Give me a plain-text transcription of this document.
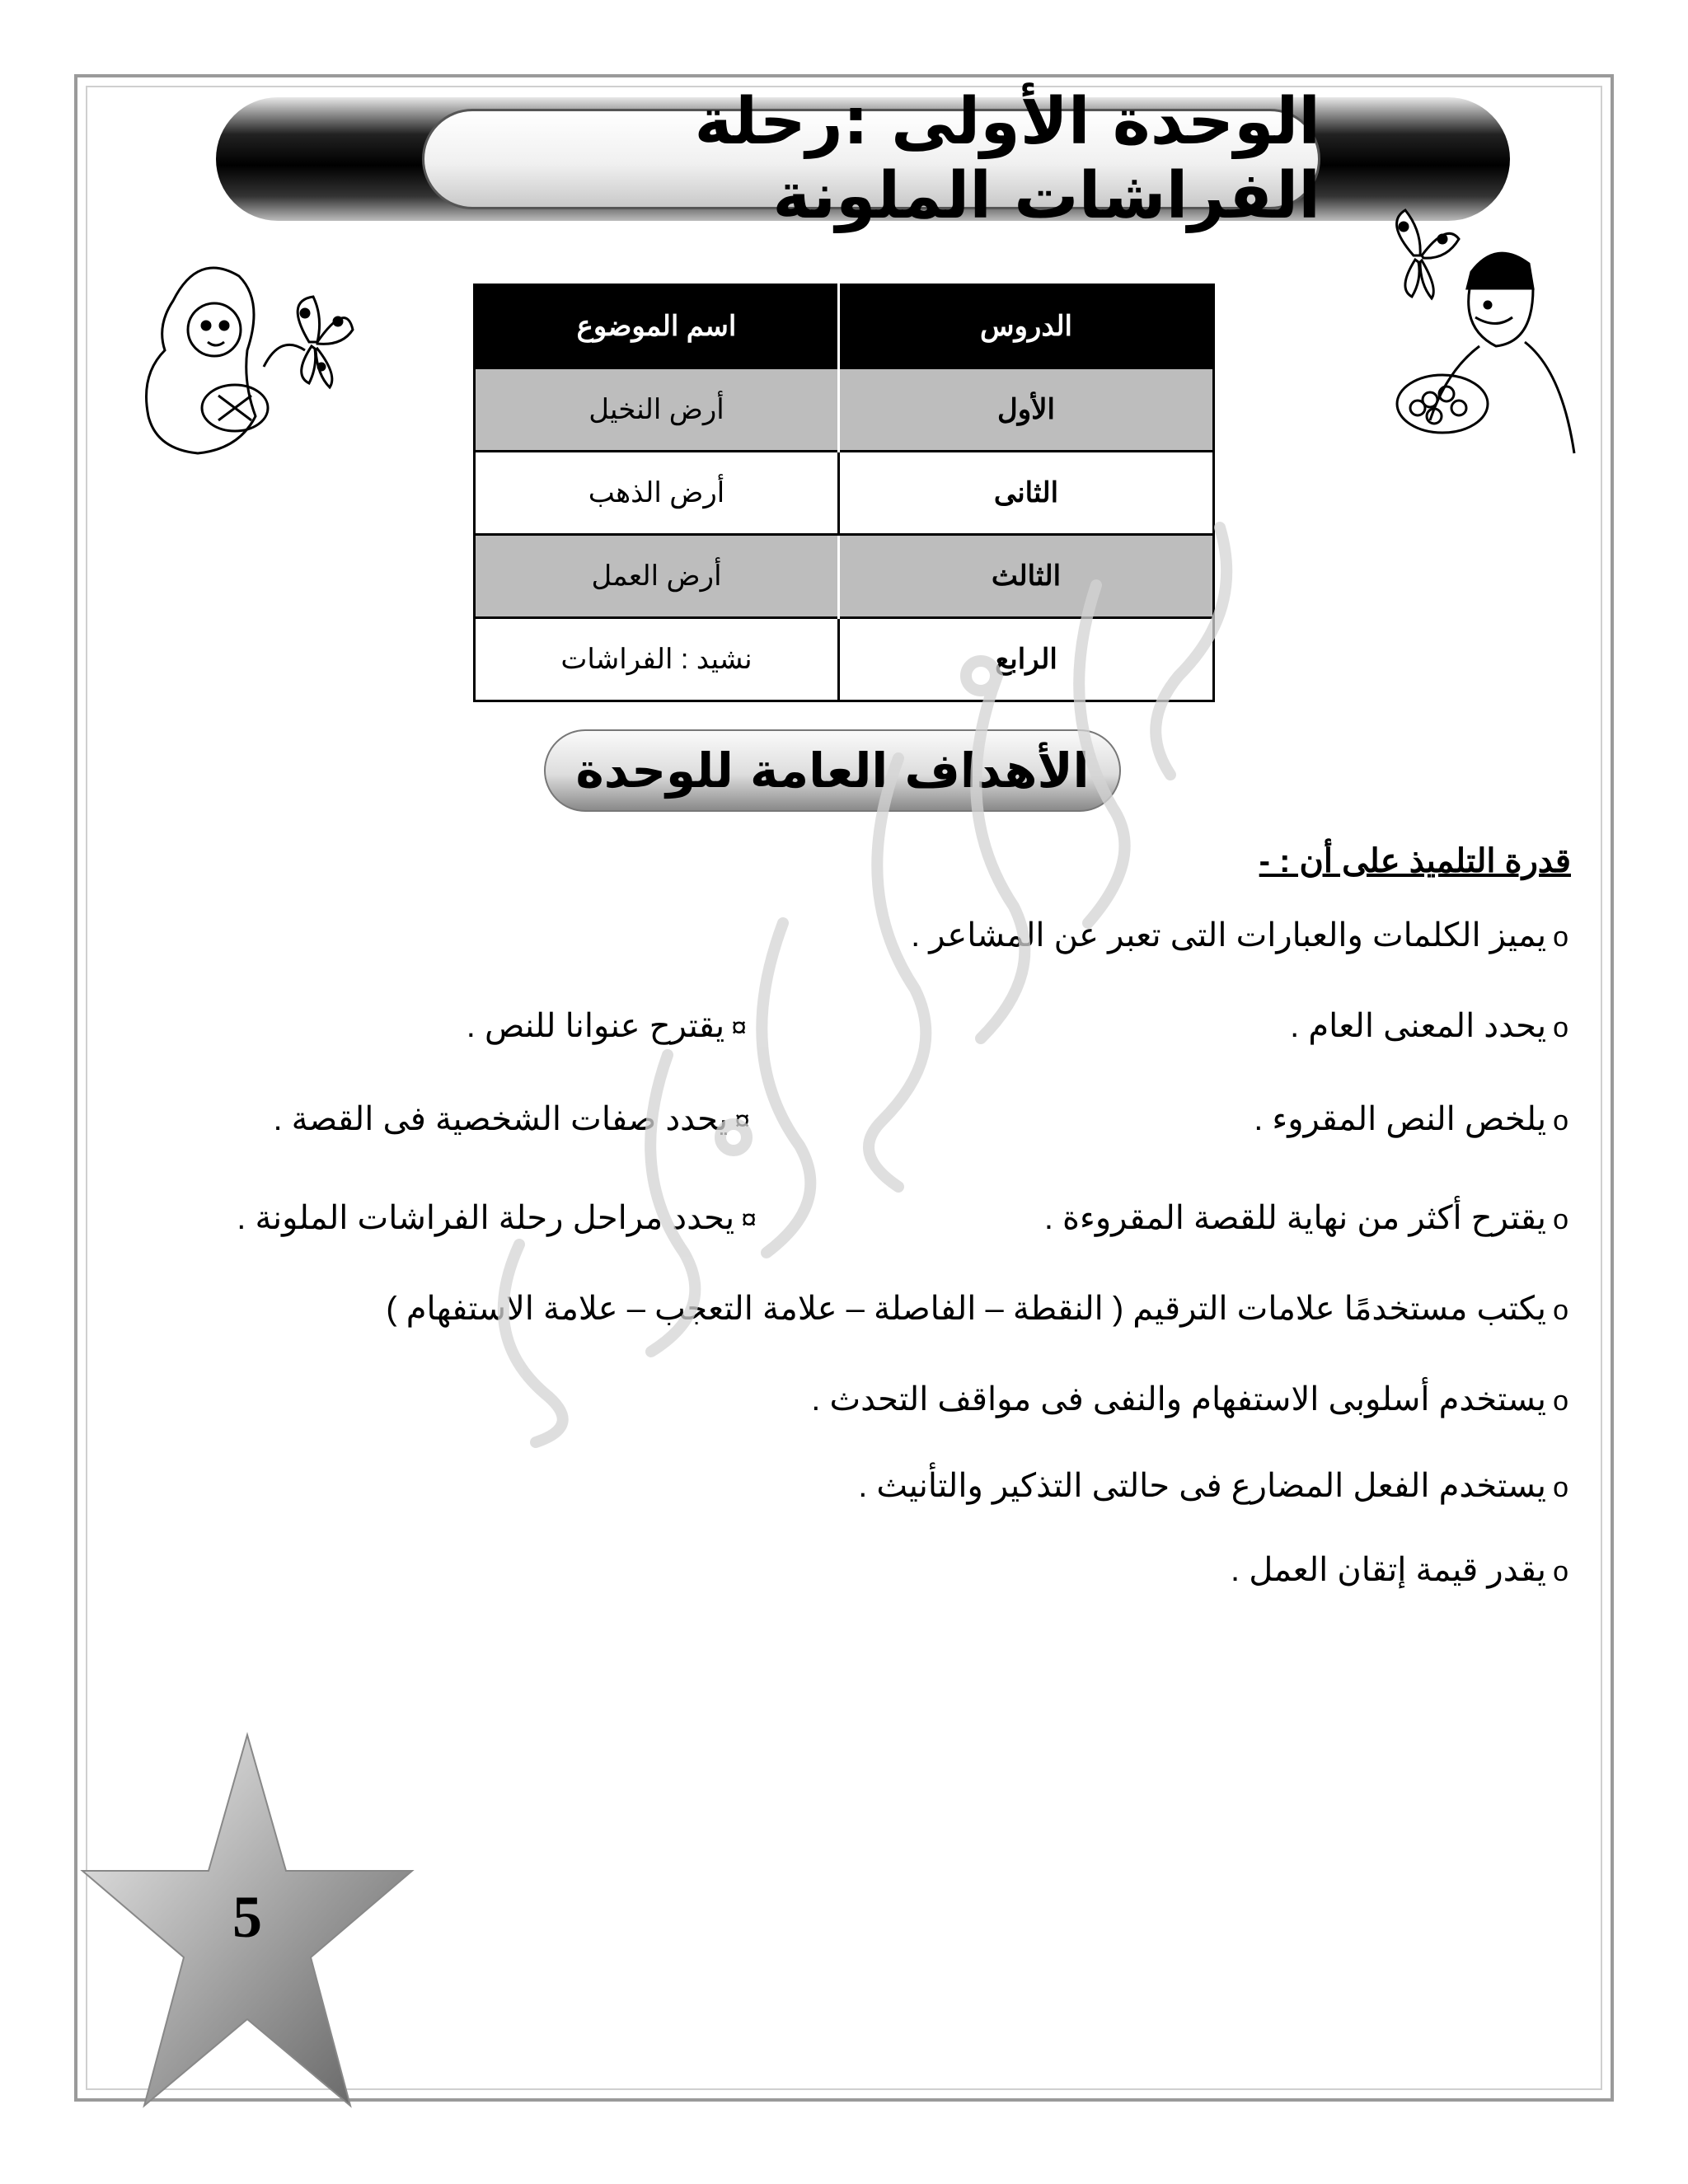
الوحدة الأولى :رحلة الفراشات الملونة
الدروس	اسم الموضوع
الأول	أرض النخيل
الثانى	أرض الذهب
الثالث	أرض العمل
الرابع	نشيد : الفراشات
الأهداف العامة للوحدة
قدرة التلميذ على أن : -
oيميز الكلمات والعبارات التى تعبر عن المشاعر .
oيحدد المعنى العام .
¤يقترح عنوانا للنص .
oيلخص النص المقروء .
¤يحدد صفات الشخصية فى القصة .
oيقترح أكثر من نهاية للقصة المقروءة .
¤يحدد مراحل رحلة الفراشات الملونة .
oيكتب مستخدمًا علامات الترقيم ( النقطة – الفاصلة – علامة التعجب – علامة الاستفهام )
oيستخدم أسلوبى الاستفهام والنفى فى مواقف التحدث .
oيستخدم الفعل المضارع فى حالتى التذكير والتأنيث .
oيقدر قيمة إتقان العمل .
5
